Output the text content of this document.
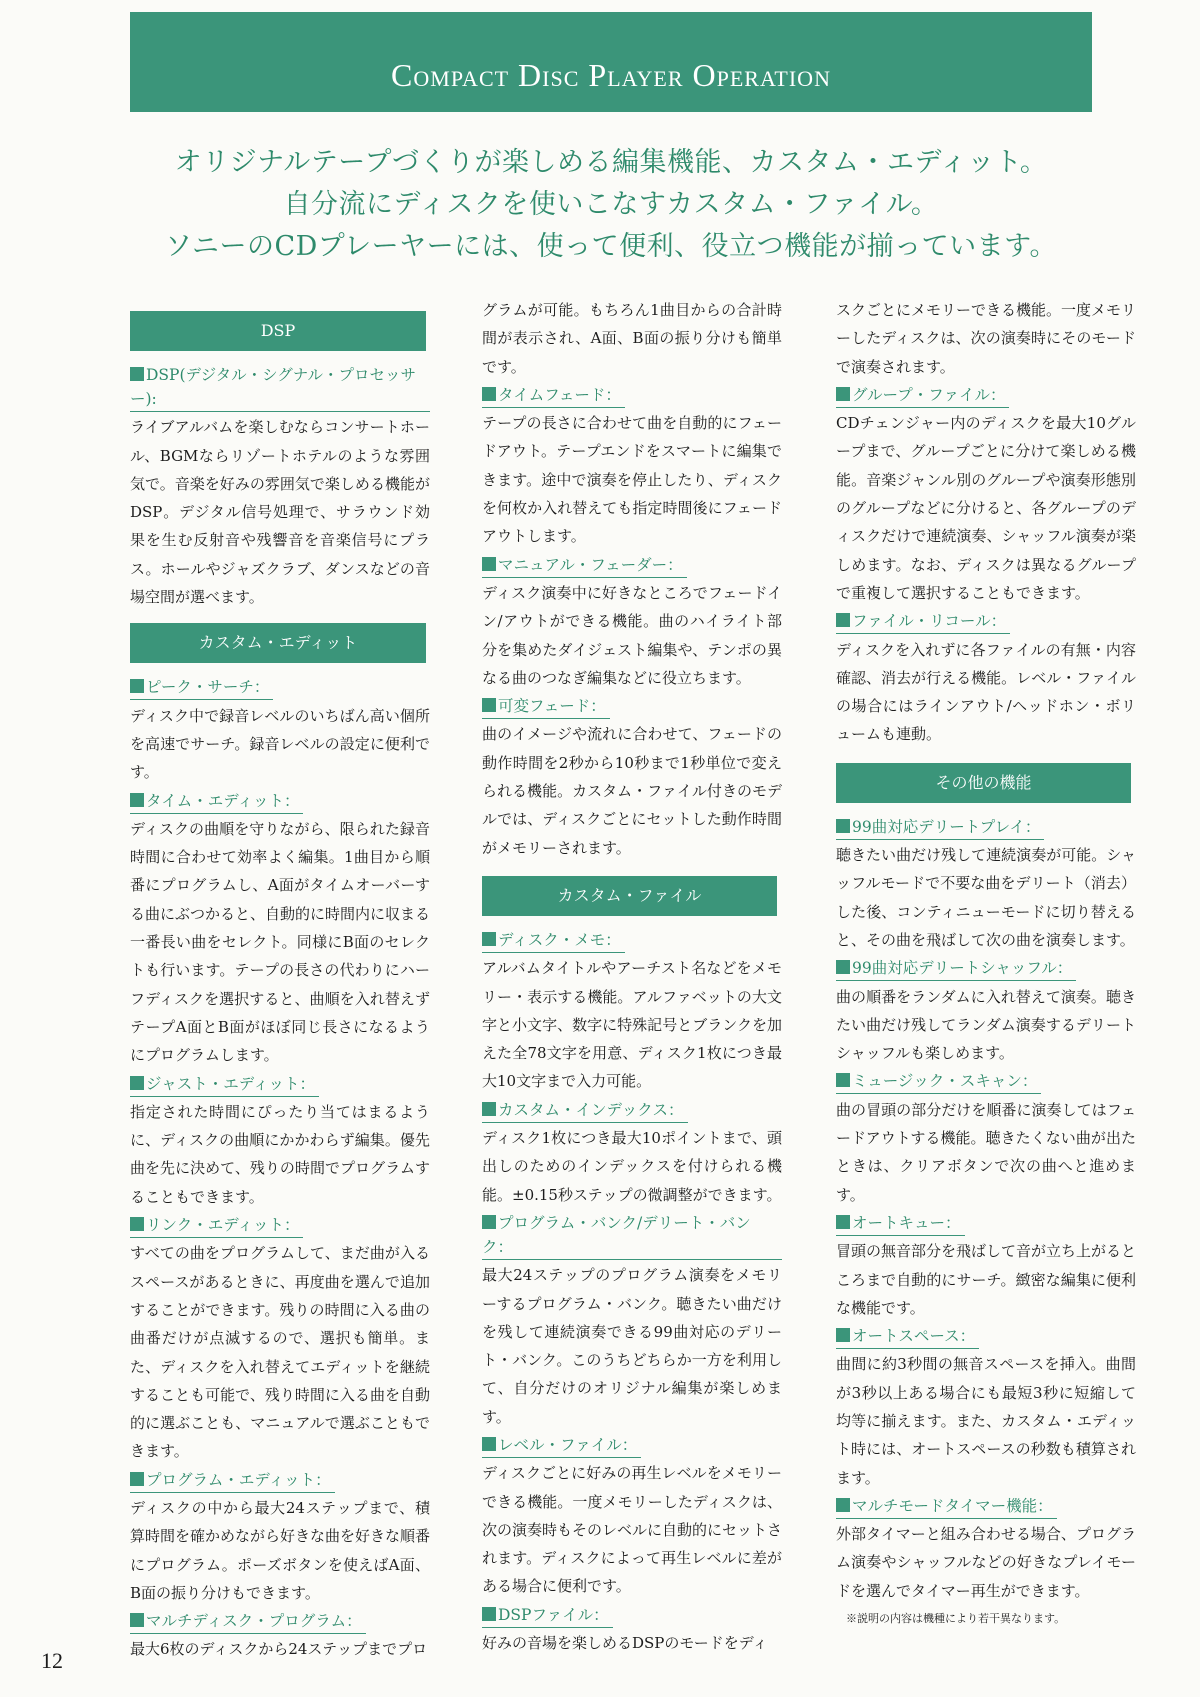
Compact Disc Player Operation
オリジナルテープづくりが楽しめる編集機能、カスタム・エディット。
自分流にディスクを使いこなすカスタム・ファイル。
ソニーのCDプレーヤーには、使って便利、役立つ機能が揃っています。
DSP
DSP(デジタル・シグナル・プロセッサー):

ライブアルバムを楽しむならコンサートホール、BGMならリゾートホテルのような雰囲気で。音楽を好みの雰囲気で楽しめる機能がDSP。デジタル信号処理で、サラウンド効果を生む反射音や残響音を音楽信号にプラス。ホールやジャズクラブ、ダンスなどの音場空間が選べます。

カスタム・エディット
ピーク・サーチ：

ディスク中で録音レベルのいちばん高い個所を高速でサーチ。録音レベルの設定に便利です。

タイム・エディット：

ディスクの曲順を守りながら、限られた録音時間に合わせて効率よく編集。1曲目から順番にプログラムし、A面がタイムオーバーする曲にぶつかると、自動的に時間内に収まる一番長い曲をセレクト。同様にB面のセレクトも行います。テープの長さの代わりにハーフディスクを選択すると、曲順を入れ替えずテープA面とB面がほぼ同じ長さになるようにプログラムします。

ジャスト・エディット：

指定された時間にぴったり当てはまるように、ディスクの曲順にかかわらず編集。優先曲を先に決めて、残りの時間でプログラムすることもできます。

リンク・エディット：

すべての曲をプログラムして、まだ曲が入るスペースがあるときに、再度曲を選んで追加することができます。残りの時間に入る曲の曲番だけが点滅するので、選択も簡単。また、ディスクを入れ替えてエディットを継続することも可能で、残り時間に入る曲を自動的に選ぶことも、マニュアルで選ぶこともできます。

プログラム・エディット：

ディスクの中から最大24ステップまで、積算時間を確かめながら好きな曲を好きな順番にプログラム。ポーズボタンを使えばA面、B面の振り分けもできます。

マルチディスク・プログラム：

最大6枚のディスクから24ステップまでプロ

グラムが可能。もちろん1曲目からの合計時間が表示され、A面、B面の振り分けも簡単です。

タイムフェード：

テープの長さに合わせて曲を自動的にフェードアウト。テープエンドをスマートに編集できます。途中で演奏を停止したり、ディスクを何枚か入れ替えても指定時間後にフェードアウトします。

マニュアル・フェーダー：

ディスク演奏中に好きなところでフェードイン/アウトができる機能。曲のハイライト部分を集めたダイジェスト編集や、テンポの異なる曲のつなぎ編集などに役立ちます。

可変フェード：

曲のイメージや流れに合わせて、フェードの動作時間を2秒から10秒まで1秒単位で変えられる機能。カスタム・ファイル付きのモデルでは、ディスクごとにセットした動作時間がメモリーされます。

カスタム・ファイル
ディスク・メモ：

アルバムタイトルやアーチスト名などをメモリー・表示する機能。アルファベットの大文字と小文字、数字に特殊記号とブランクを加えた全78文字を用意、ディスク1枚につき最大10文字まで入力可能。

カスタム・インデックス：

ディスク1枚につき最大10ポイントまで、頭出しのためのインデックスを付けられる機能。±0.15秒ステップの微調整ができます。

プログラム・バンク/デリート・バンク：

最大24ステップのプログラム演奏をメモリーするプログラム・バンク。聴きたい曲だけを残して連続演奏できる99曲対応のデリート・バンク。このうちどちらか一方を利用して、自分だけのオリジナル編集が楽しめます。

レベル・ファイル：

ディスクごとに好みの再生レベルをメモリーできる機能。一度メモリーしたディスクは、次の演奏時もそのレベルに自動的にセットされます。ディスクによって再生レベルに差がある場合に便利です。

DSPファイル：

好みの音場を楽しめるDSPのモードをディ

スクごとにメモリーできる機能。一度メモリーしたディスクは、次の演奏時にそのモードで演奏されます。

グループ・ファイル：

CDチェンジャー内のディスクを最大10グループまで、グループごとに分けて楽しめる機能。音楽ジャンル別のグループや演奏形態別のグループなどに分けると、各グループのディスクだけで連続演奏、シャッフル演奏が楽しめます。なお、ディスクは異なるグループで重複して選択することもできます。

ファイル・リコール：

ディスクを入れずに各ファイルの有無・内容確認、消去が行える機能。レベル・ファイルの場合にはラインアウト/ヘッドホン・ボリュームも連動。

その他の機能
99曲対応デリートプレイ：

聴きたい曲だけ残して連続演奏が可能。シャッフルモードで不要な曲をデリート（消去）した後、コンティニューモードに切り替えると、その曲を飛ばして次の曲を演奏します。

99曲対応デリートシャッフル：

曲の順番をランダムに入れ替えて演奏。聴きたい曲だけ残してランダム演奏するデリートシャッフルも楽しめます。

ミュージック・スキャン：

曲の冒頭の部分だけを順番に演奏してはフェードアウトする機能。聴きたくない曲が出たときは、クリアボタンで次の曲へと進めます。

オートキュー：

冒頭の無音部分を飛ばして音が立ち上がるところまで自動的にサーチ。緻密な編集に便利な機能です。

オートスペース：

曲間に約3秒間の無音スペースを挿入。曲間が3秒以上ある場合にも最短3秒に短縮して均等に揃えます。また、カスタム・エディット時には、オートスペースの秒数も積算されます。

マルチモードタイマー機能：

外部タイマーと組み合わせる場合、プログラム演奏やシャッフルなどの好きなプレイモードを選んでタイマー再生ができます。

※説明の内容は機種により若干異なります。
12
